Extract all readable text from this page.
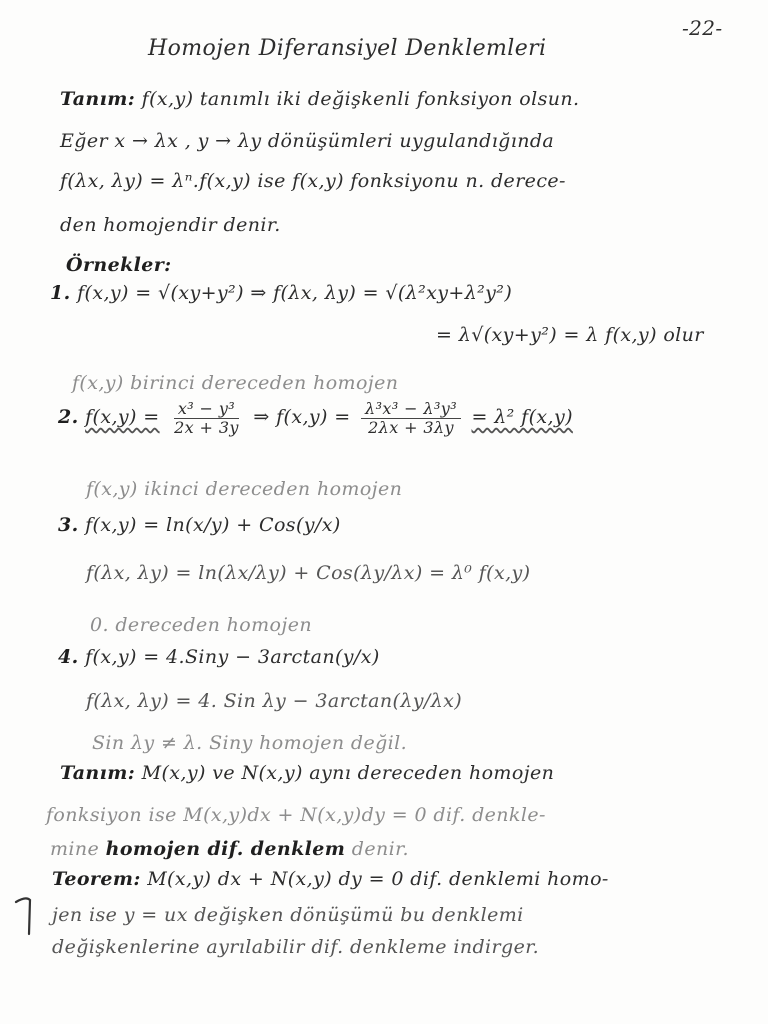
-22-
Homojen Diferansiyel Denklemleri
Tanım: f(x,y) tanımlı iki değişkenli fonksiyon olsun.
Eğer x → λx , y → λy dönüşümleri uygulandığında
f(λx, λy) = λⁿ.f(x,y) ise f(x,y) fonksiyonu n. derece-
den homojendir denir.
Örnekler:
1. f(x,y) = √(xy+y²) ⇒ f(λx, λy) = √(λ²xy+λ²y²)
= λ√(xy+y²) = λ f(x,y) olur
f(x,y) birinci dereceden homojen
2. $f(x,y) = \frac{\text{x³ − y³}}{2x + 3y}$ ⇒ $f(x,y) = \frac{\text{λ³x³ − λ³y³}}{2\lambda x + 3\lambda y} = \lambda^2$ f(x,y)
f(x,y) ikinci dereceden homojen
3. f(x,y) = ln(x/y) + Cos(y/x)
f(λx, λy) = ln(λx/λy) + Cos(λy/λx) = λ⁰ f(x,y)
0. dereceden homojen
4. f(x,y) = 4.Siny − 3arctan(y/x)
f(λx, λy) = 4. Sin λy − 3arctan(λy/λx)
Sin λy ≠ λ. Siny homojen değil.
Tanım: M(x,y) ve N(x,y) aynı dereceden homojen
fonksiyon ise M(x,y)dx + N(x,y)dy = 0 dif. denkle-
mine homojen dif. denklem denir.
Teorem: M(x,y) dx + N(x,y) dy = 0 dif. denklemi homo-
jen ise y = ux değişken dönüşümü bu denklemi
değişkenlerine ayrılabilir dif. denkleme indirger.
